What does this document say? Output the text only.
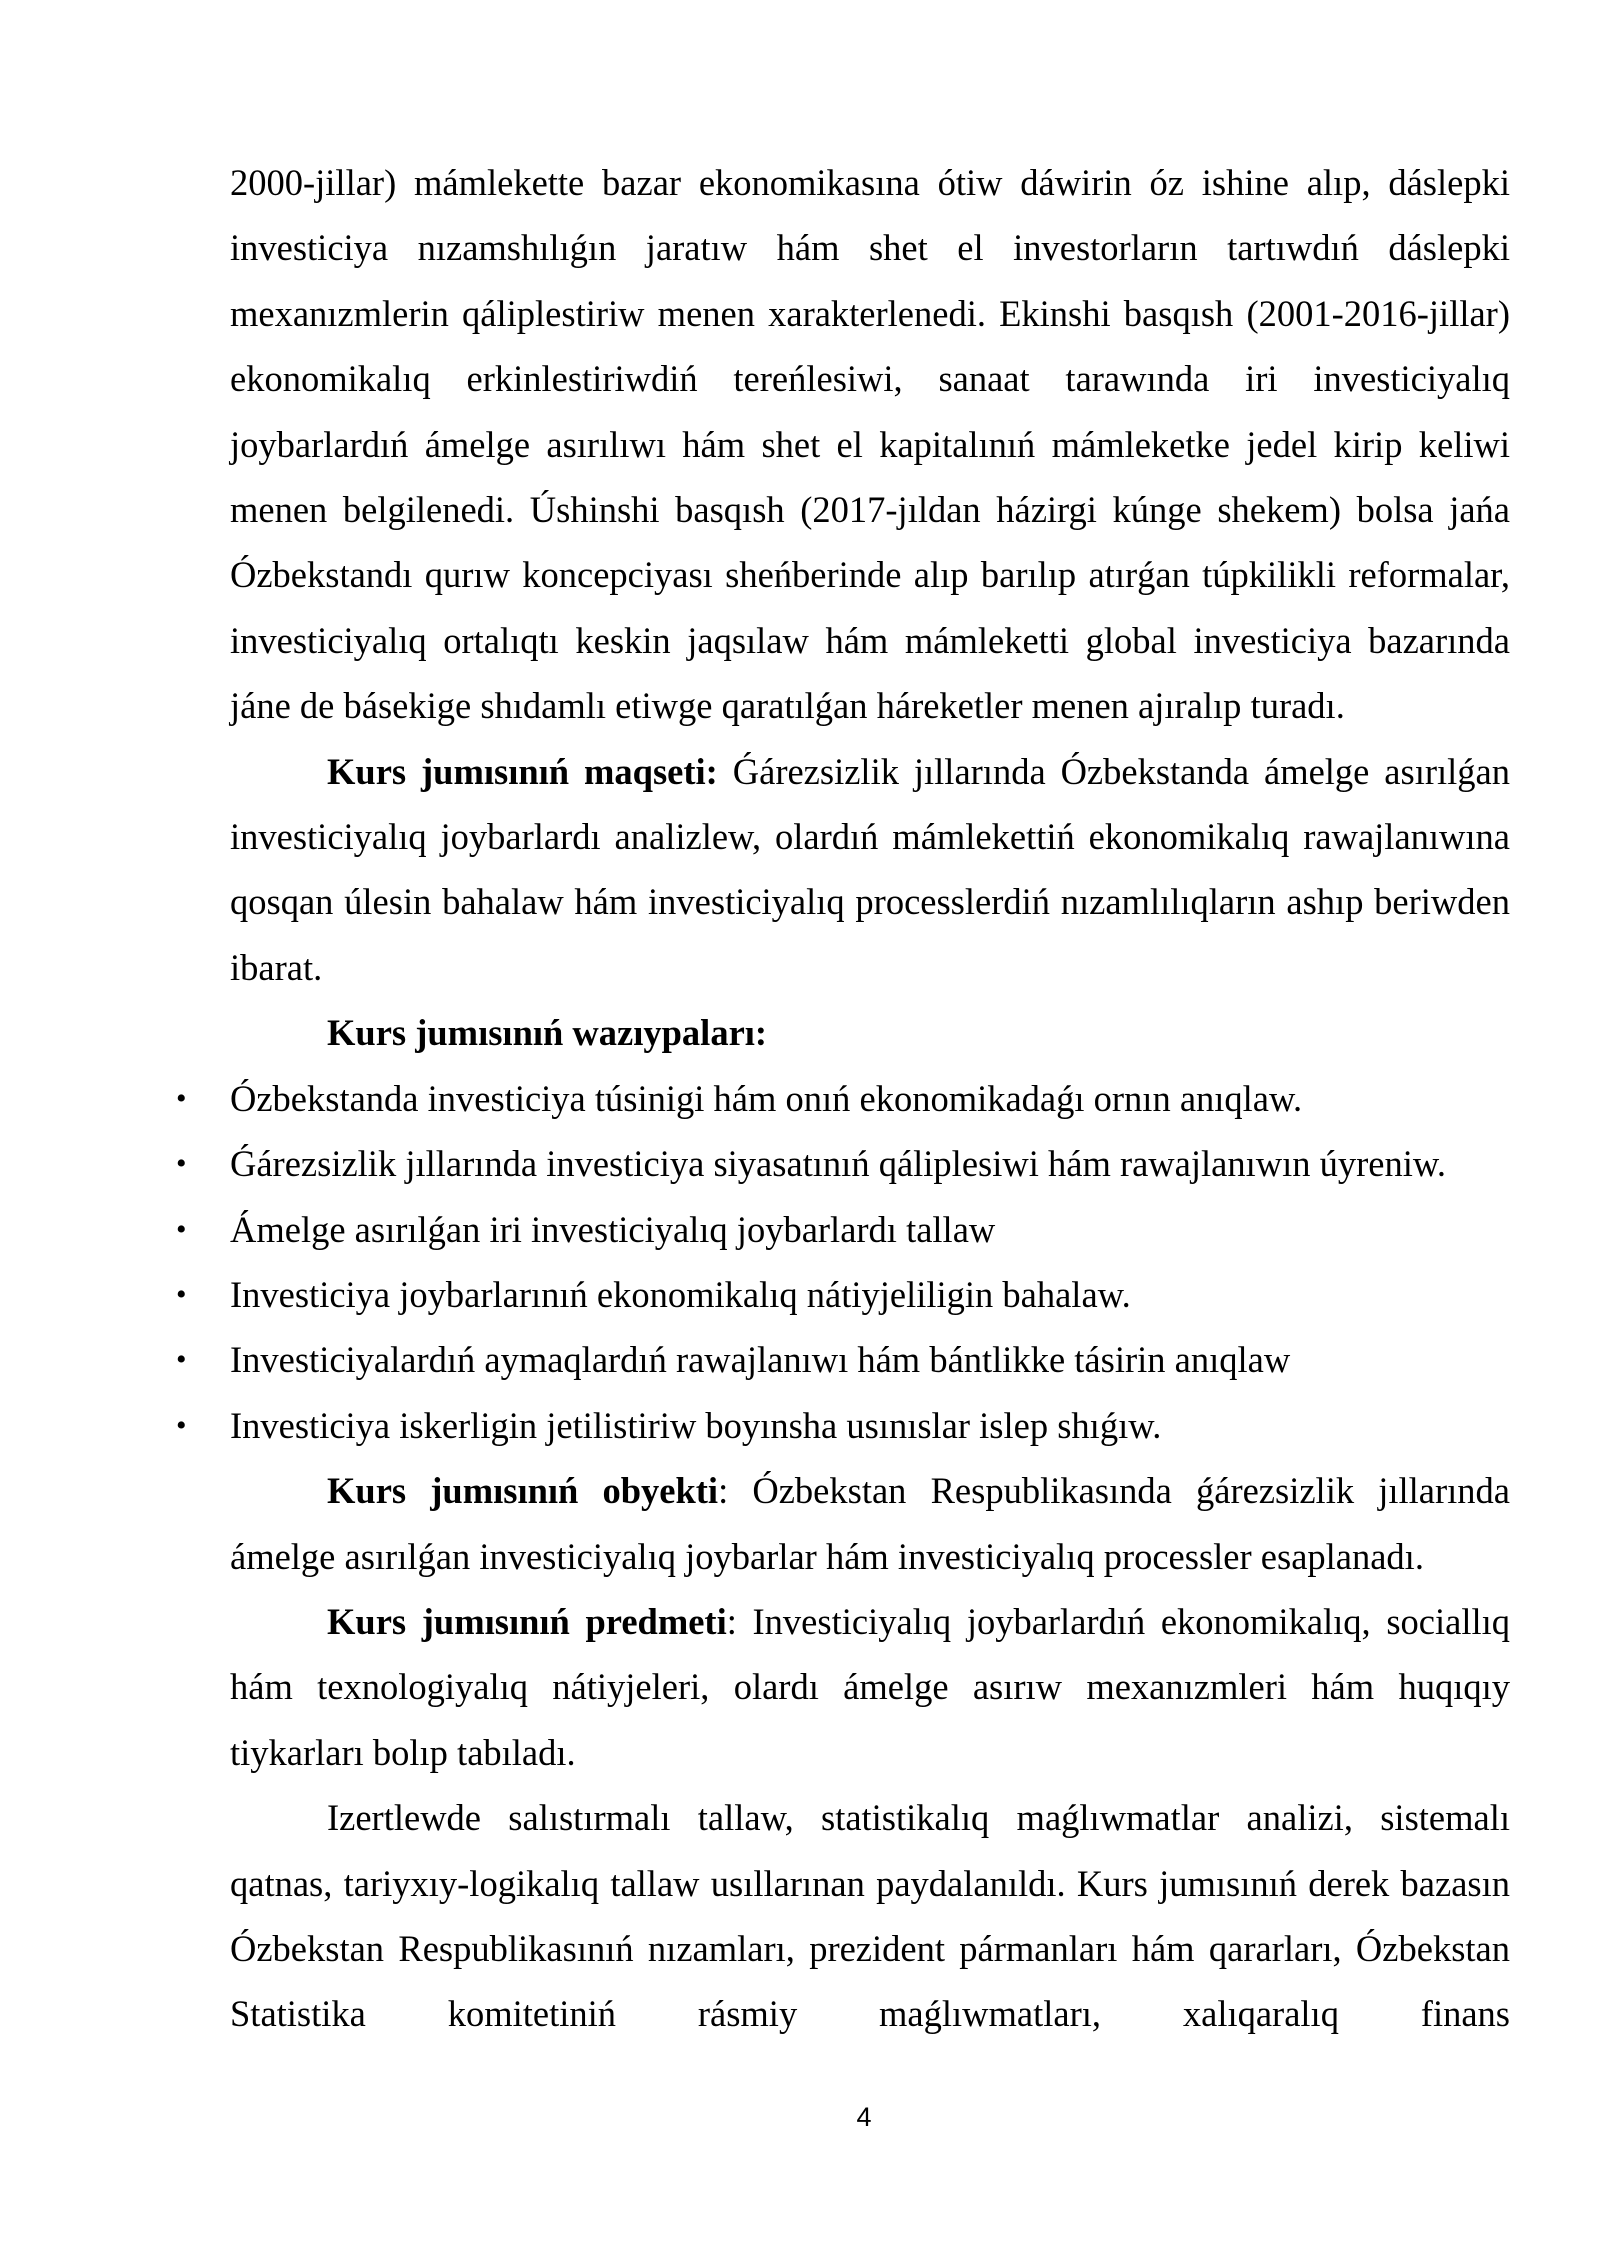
2000-jillar) mámlekette bazar ekonomikasına ótiw dáwirin óz ishine alıp, dáslepki investiciya nızamshılıǵın jaratıw hám shet el investorların tartıwdıń dáslepki mexanızmlerin qáliplestiriw menen xarakterlenedi. Ekinshi basqısh (2001-2016-jillar) ekonomikalıq erkinlestiriwdiń tereńlesiwi, sanaat tarawında iri investiciyalıq joybarlardıń ámelge asırılıwı hám shet el kapitalınıń mámleketke jedel kirip keliwi menen belgilenedi. Úshinshi basqısh (2017-jıldan házirgi kúnge shekem) bolsa jańa Ózbekstandı qurıw koncepciyası sheńberinde alıp barılıp atırǵan túpkilikli reformalar, investiciyalıq ortalıqtı keskin jaqsılaw hám mámleketti global investiciya bazarında jáne de básekige shıdamlı etiwge qaratılǵan háreketler menen ajıralıp turadı.

Kurs jumısınıń maqseti: Ǵárezsizlik jıllarında Ózbekstanda ámelge asırılǵan investiciyalıq joybarlardı analizlew, olardıń mámlekettiń ekonomikalıq rawajlanıwına qosqan úlesin bahalaw hám investiciyalıq processlerdiń nızamlılıqların ashıp beriwden ibarat.

Kurs jumısınıń wazıypaları:
• Ózbekstanda investiciya túsinigi hám onıń ekonomikadaǵı ornın anıqlaw.
• Ǵárezsizlik jıllarında investiciya siyasatınıń qáliplesiwi hám rawajlanıwın úyreniw.
• Ámelge asırılǵan iri investiciyalıq joybarlardı tallaw
• Investiciya joybarlarınıń ekonomikalıq nátiyjeliligin bahalaw.
• Investiciyalardıń aymaqlardıń rawajlanıwı hám bántlikke tásirin anıqlaw
• Investiciya iskerligin jetilistiriw boyınsha usınıslar islep shıǵıw.

Kurs jumısınıń obyekti: Ózbekstan Respublikasında ǵárezsizlik jıllarında ámelge asırılǵan investiciyalıq joybarlar hám investiciyalıq processler esaplanadı.

Kurs jumısınıń predmeti: Investiciyalıq joybarlardıń ekonomikalıq, sociallıq hám texnologiyalıq nátiyjeleri, olardı ámelge asırıw mexanızmleri hám huqıqıy tiykarları bolıp tabıladı.

Izertlewde salıstırmalı tallaw, statistikalıq maǵlıwmatlar analizi, sistemalı qatnas, tariyxıy-logikalıq tallaw usıllarınan paydalanıldı. Kurs jumısınıń derek bazasın Ózbekstan Respublikasınıń nızamları, prezident pármanları hám qararları, Ózbekstan Statistika komitetiniń rásmiy maǵlıwmatları, xalıqaralıq finans

4
